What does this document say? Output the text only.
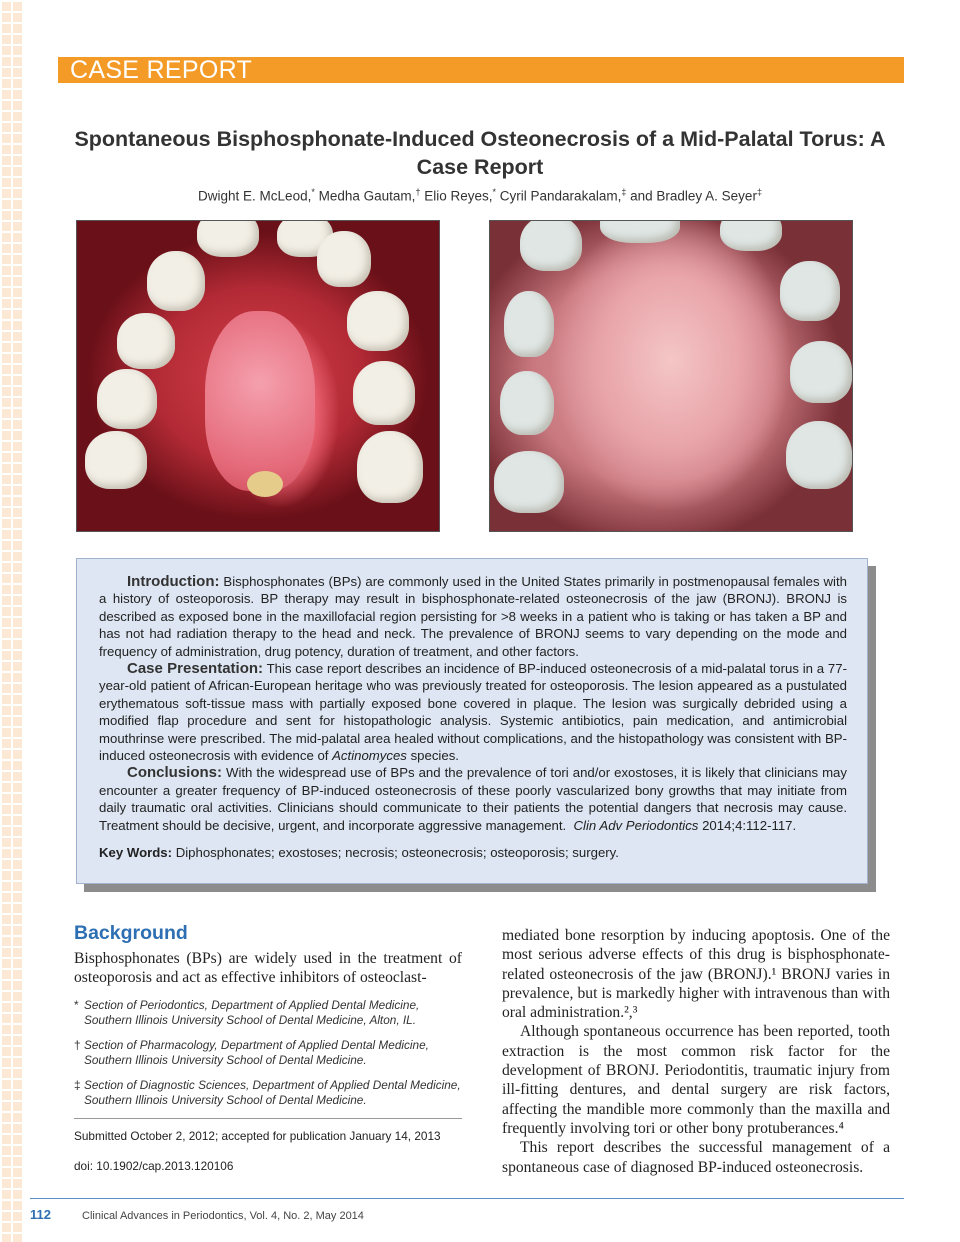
CASE REPORT
Spontaneous Bisphosphonate-Induced Osteonecrosis of a Mid-Palatal Torus: A Case Report
Dwight E. McLeod,* Medha Gautam,† Elio Reyes,* Cyril Pandarakalam,‡ and Bradley A. Seyer‡

Introduction: Bisphosphonates (BPs) are commonly used in the United States primarily in postmenopausal females with a history of osteoporosis. BP therapy may result in bisphosphonate-related osteonecrosis of the jaw (BRONJ). BRONJ is described as exposed bone in the maxillofacial region persisting for >8 weeks in a patient who is taking or has taken a BP and has not had radiation therapy to the head and neck. The prevalence of BRONJ seems to vary depending on the mode and frequency of administration, drug potency, duration of treatment, and other factors.

Case Presentation: This case report describes an incidence of BP-induced osteonecrosis of a mid-palatal torus in a 77-year-old patient of African-European heritage who was previously treated for osteoporosis. The lesion appeared as a pustulated erythematous soft-tissue mass with partially exposed bone covered in plaque. The lesion was surgically debrided using a modified flap procedure and sent for histopathologic analysis. Systemic antibiotics, pain medication, and antimicrobial mouthrinse were prescribed. The mid-palatal area healed without complications, and the histopathology was consistent with BP-induced osteonecrosis with evidence of Actinomyces species.

Conclusions: With the widespread use of BPs and the prevalence of tori and/or exostoses, it is likely that clinicians may encounter a greater frequency of BP-induced osteonecrosis of these poorly vascularized bony growths that may initiate from daily traumatic oral activities. Clinicians should communicate to their patients the potential dangers that necrosis may cause. Treatment should be decisive, urgent, and incorporate aggressive management. Clin Adv Periodontics 2014;4:112-117.

Key Words: Diphosphonates; exostoses; necrosis; osteonecrosis; osteoporosis; surgery.

Background

Bisphosphonates (BPs) are widely used in the treatment of osteoporosis and act as effective inhibitors of osteoclast-

* Section of Periodontics, Department of Applied Dental Medicine, Southern Illinois University School of Dental Medicine, Alton, IL.

† Section of Pharmacology, Department of Applied Dental Medicine, Southern Illinois University School of Dental Medicine.

‡ Section of Diagnostic Sciences, Department of Applied Dental Medicine, Southern Illinois University School of Dental Medicine.

Submitted October 2, 2012; accepted for publication January 14, 2013

doi: 10.1902/cap.2013.120106

mediated bone resorption by inducing apoptosis. One of the most serious adverse effects of this drug is bisphosphonate-related osteonecrosis of the jaw (BRONJ).¹ BRONJ varies in prevalence, but is markedly higher with intravenous than with oral administration.²,³

Although spontaneous occurrence has been reported, tooth extraction is the most common risk factor for the development of BRONJ. Periodontitis, traumatic injury from ill-fitting dentures, and dental surgery are risk factors, affecting the mandible more commonly than the maxilla and frequently involving tori or other bony protuberances.⁴

This report describes the successful management of a spontaneous case of diagnosed BP-induced osteonecrosis.

112	Clinical Advances in Periodontics, Vol. 4, No. 2, May 2014
